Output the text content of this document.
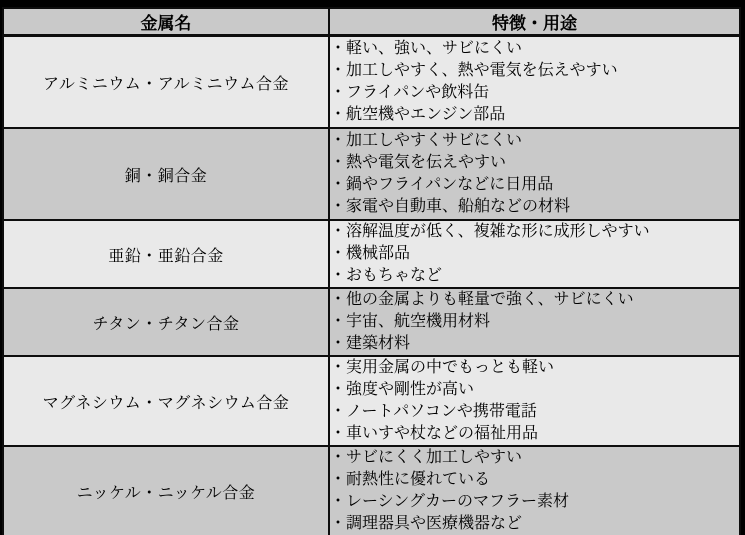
金属名	特徴・用途
アルミニウム・アルミニウム合金	・軽い、強い、サビにくい
・加工しやすく、熱や電気を伝えやすい
・フライパンや飲料缶
・航空機やエンジン部品

銅・銅合金	・加工しやすくサビにくい
・熱や電気を伝えやすい
・鍋やフライパンなどに日用品
・家電や自動車、船舶などの材料

亜鉛・亜鉛合金	・溶解温度が低く、複雑な形に成形しやすい
・機械部品
・おもちゃなど

チタン・チタン合金	・他の金属よりも軽量で強く、サビにくい
・宇宙、航空機用材料
・建築材料

マグネシウム・マグネシウム合金	・実用金属の中でもっとも軽い
・強度や剛性が高い
・ノートパソコンや携帯電話
・車いすや杖などの福祉用品

ニッケル・ニッケル合金	・サビにくく加工しやすい
・耐熱性に優れている
・レーシングカーのマフラー素材
・調理器具や医療機器など
